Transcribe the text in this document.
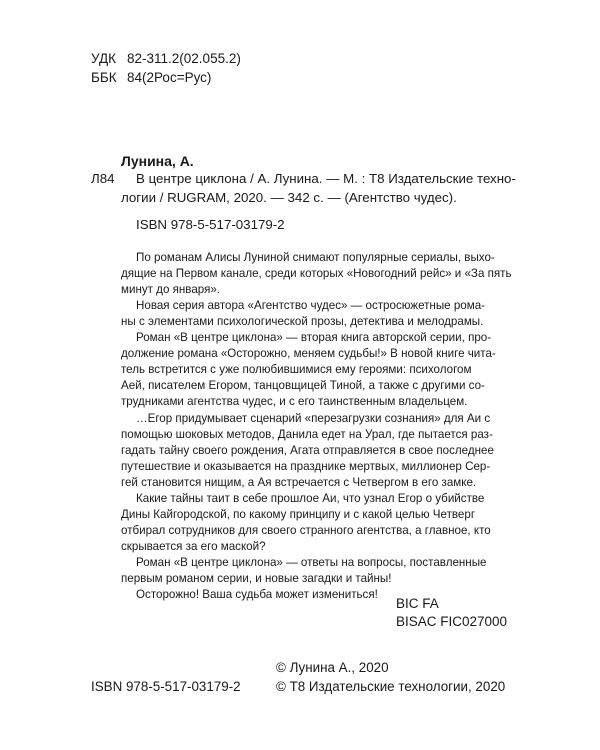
УДК 82-311.2(02.055.2)
ББК 84(2Рос=Рус)
Лунина, А.
Л84 В центре циклона / А. Лунина. — М. : Т8 Издательские техно-
логии / RUGRAM, 2020. — 342 с. — (Агентство чудес).
ISBN 978-5-517-03179-2
По романам Алисы Луниной снимают популярные сериалы, выхо-
дящие на Первом канале, среди которых «Новогодний рейс» и «За пять
минут до января».
Новая серия автора «Агентство чудес» — остросюжетные рома-
ны с элементами психологической прозы, детектива и мелодрамы.
Роман «В центре циклона» — вторая книга авторской серии, про-
должение романа «Осторожно, меняем судьбы!» В новой книге чита-
тель встретится с уже полюбившимися ему героями: психологом
Аей, писателем Егором, танцовщицей Тиной, а также с другими со-
трудниками агентства чудес, и с его таинственным владельцем.
…Егор придумывает сценарий «перезагрузки сознания» для Аи с
помощью шоковых методов, Данила едет на Урал, где пытается раз-
гадать тайну своего рождения, Агата отправляется в свое последнее
путешествие и оказывается на празднике мертвых, миллионер Сер-
гей становится нищим, а Ая встречается с Четвергом в его замке.
Какие тайны таит в себе прошлое Аи, что узнал Егор о убийстве
Дины Кайгородской, по какому принципу и с какой целью Четверг
отбирал сотрудников для своего странного агентства, а главное, кто
скрывается за его маской?
Роман «В центре циклона» — ответы на вопросы, поставленные
первым романом серии, и новые загадки и тайны!
Осторожно! Ваша судьба может измениться!
BIC FA
BISAC FIC027000
© Лунина А., 2020
ISBN 978-5-517-03179-2	© Т8 Издательские технологии, 2020
